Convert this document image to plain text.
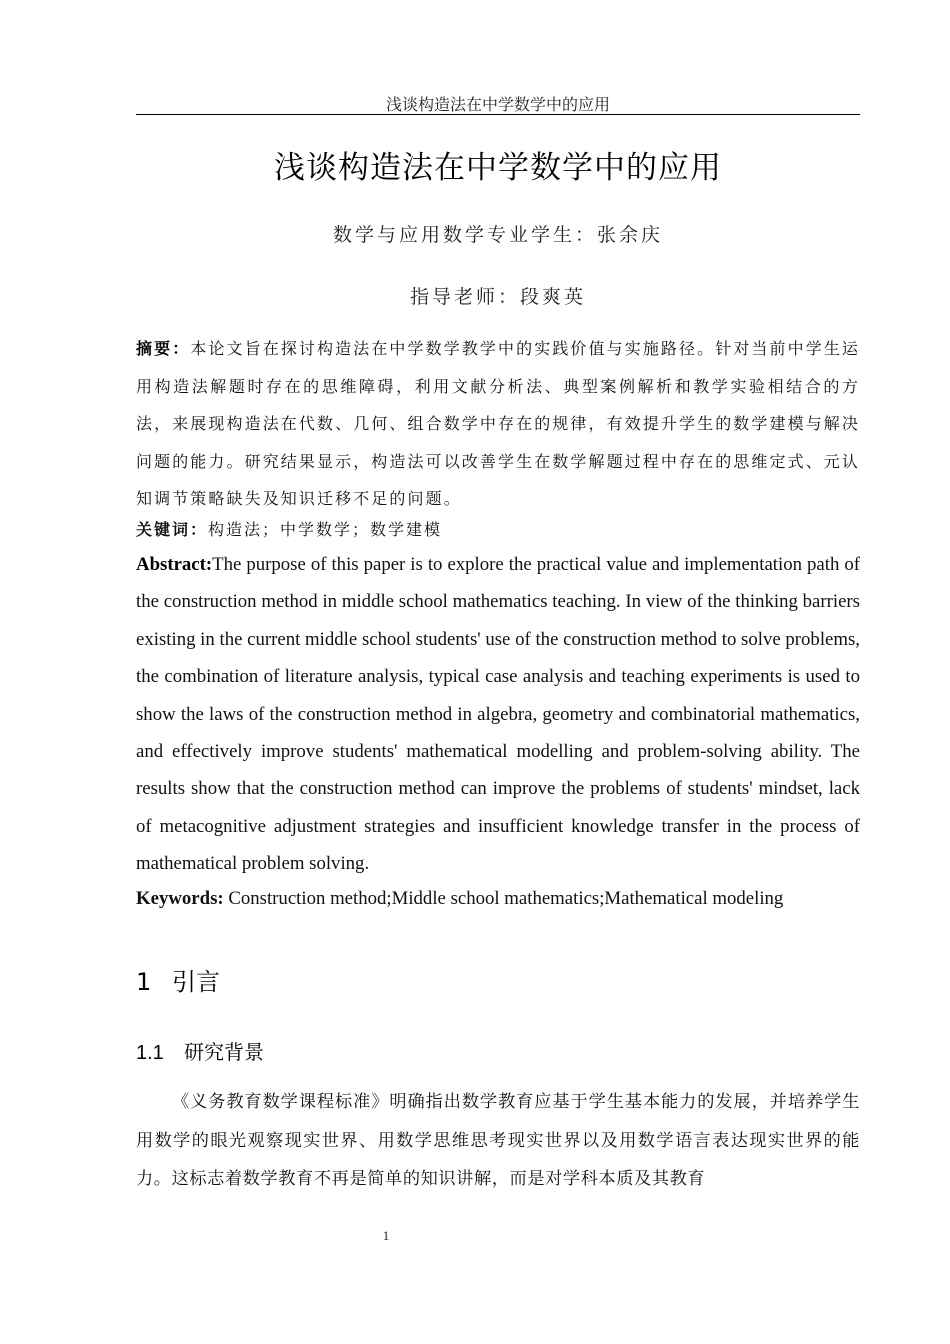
浅谈构造法在中学数学中的应用
浅谈构造法在中学数学中的应用
数学与应用数学专业学生：张余庆
指导老师：段爽英
摘要：本论文旨在探讨构造法在中学数学教学中的实践价值与实施路径。针对当前中学生运用构造法解题时存在的思维障碍，利用文献分析法、典型案例解析和教学实验相结合的方法，来展现构造法在代数、几何、组合数学中存在的规律，有效提升学生的数学建模与解决问题的能力。研究结果显示，构造法可以改善学生在数学解题过程中存在的思维定式、元认知调节策略缺失及知识迁移不足的问题。
关键词：构造法；中学数学；数学建模
Abstract:The purpose of this paper is to explore the practical value and implementation path of the construction method in middle school mathematics teaching. In view of the thinking barriers existing in the current middle school students' use of the construction method to solve problems, the combination of literature analysis, typical case analysis and teaching experiments is used to show the laws of the construction method in algebra, geometry and combinatorial mathematics, and effectively improve students' mathematical modelling and problem-solving ability. The results show that the construction method can improve the problems of students' mindset, lack of metacognitive adjustment strategies and insufficient knowledge transfer in the process of mathematical problem solving.
Keywords: Construction method;Middle school mathematics;Mathematical modeling
1 引言
1.1 研究背景
《义务教育数学课程标准》明确指出数学教育应基于学生基本能力的发展，并培养学生用数学的眼光观察现实世界、用数学思维思考现实世界以及用数学语言表达现实世界的能力。这标志着数学教育不再是简单的知识讲解，而是对学科本质及其教育
1
